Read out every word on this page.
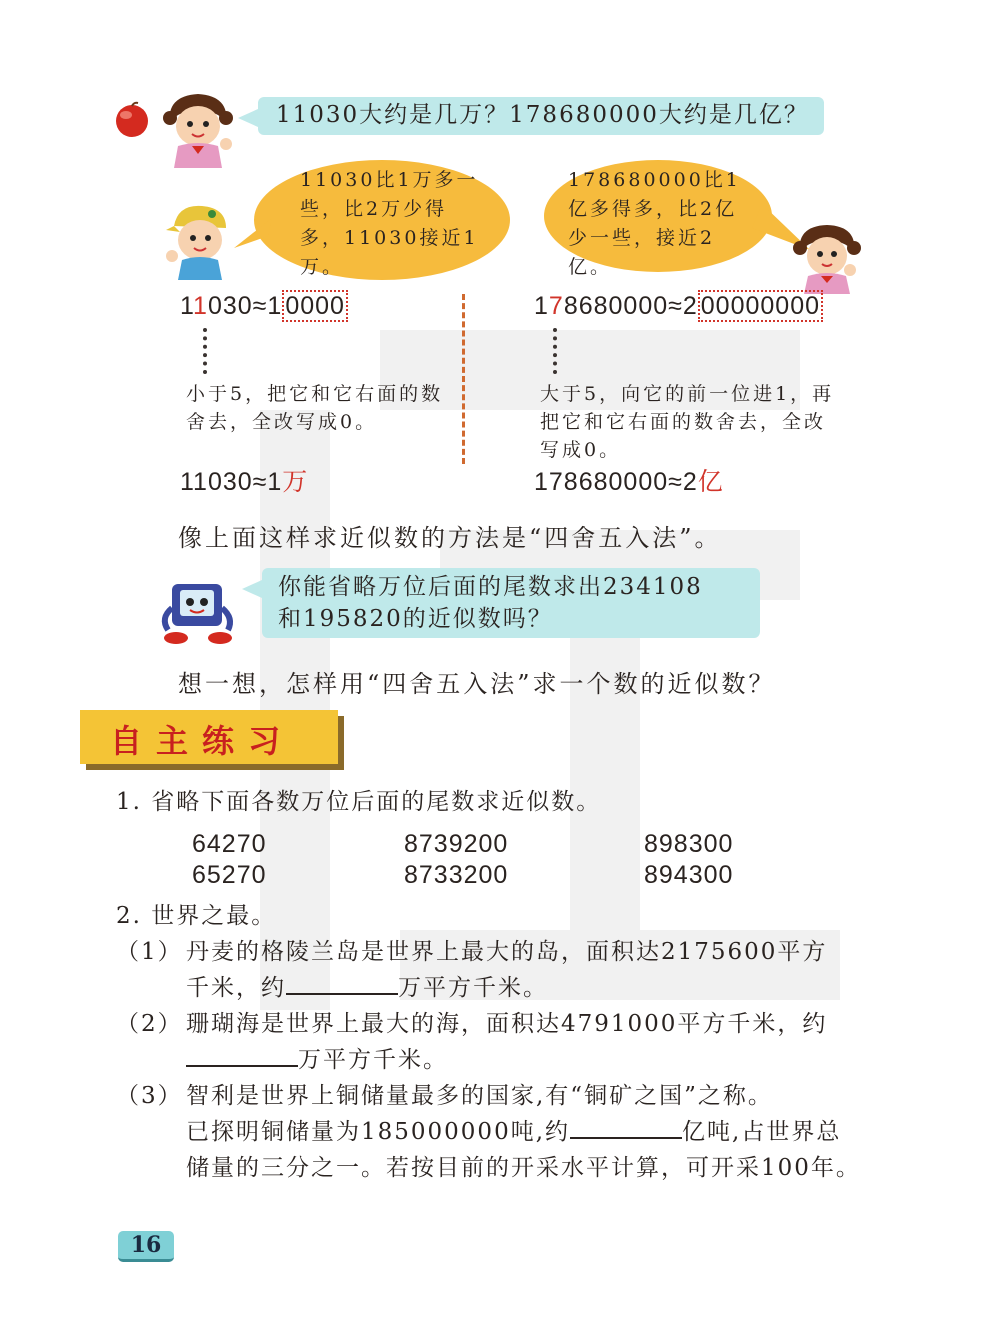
11030大约是几万？178680000大约是几亿？
11030比1万多一些，比2万少得多，11030接近1万。
178680000比1亿多得多，比2亿少一些，接近2亿。
11030≈1 0000
小于5，把它和它右面的数舍去，全改写成0。
11030≈1万
178680000≈2 00000000
大于5，向它的前一位进1，再把它和它右面的数舍去，全改写成0。
178680000≈2亿
像上面这样求近似数的方法是“四舍五入法”。
你能省略万位后面的尾数求出234108
和195820的近似数吗？
想一想，怎样用“四舍五入法”求一个数的近似数？
自主练习
1. 省略下面各数万位后面的尾数求近似数。
64270
65270
8739200
8733200
898300
894300
2. 世界之最。
（1） 丹麦的格陵兰岛是世界上最大的岛，面积达2175600平方
千米，约	万平方千米。
（2） 珊瑚海是世界上最大的海，面积达4791000平方千米，约
万平方千米。
（3） 智利是世界上铜储量最多的国家,有“铜矿之国”之称。
已探明铜储量为185000000吨,约	亿吨,占世界总
储量的三分之一。若按目前的开采水平计算，可开采100年。
16
